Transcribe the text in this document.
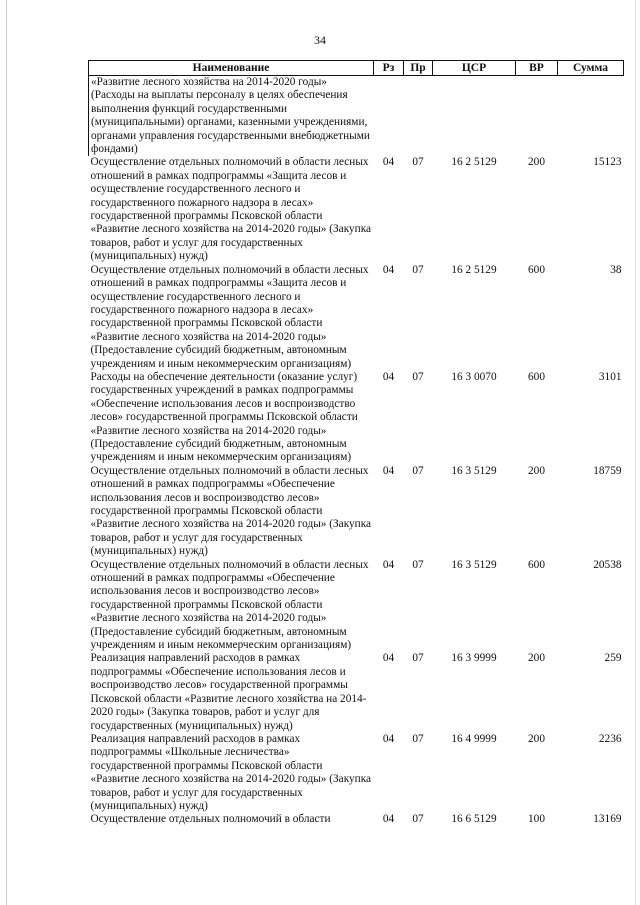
34
Наименование	Рз	Пр	ЦСР	ВР	Сумма
«Развитие лесного хозяйства на 2014-2020 годы» (Расходы на выплаты персоналу в целях обеспечения выполнения функций государственными (муниципальными) органами, казенными учреждениями, органами управления государственными внебюджетными фондами)					
Осуществление отдельных полномочий в области лесных отношений в рамках подпрограммы «Защита лесов и осуществление государственного лесного и государственного пожарного надзора в лесах» государственной программы Псковской области «Развитие лесного хозяйства на 2014-2020 годы» (Закупка товаров, работ и услуг для государственных (муниципальных) нужд)	04	07	16 2 5129	200	15123
Осуществление отдельных полномочий в области лесных отношений в рамках подпрограммы «Защита лесов и осуществление государственного лесного и государственного пожарного надзора в лесах» государственной программы Псковской области «Развитие лесного хозяйства на 2014-2020 годы» (Предоставление субсидий бюджетным, автономным учреждениям и иным некоммерческим организациям)	04	07	16 2 5129	600	38
Расходы на обеспечение деятельности (оказание услуг) государственных учреждений в рамках подпрограммы «Обеспечение использования лесов и воспроизводство лесов» государственной программы Псковской области «Развитие лесного хозяйства на 2014-2020 годы» (Предоставление субсидий бюджетным, автономным учреждениям и иным некоммерческим организациям)	04	07	16 3 0070	600	3101
Осуществление отдельных полномочий в области лесных отношений в рамках подпрограммы «Обеспечение использования лесов и воспроизводство лесов» государственной программы Псковской области «Развитие лесного хозяйства на 2014-2020 годы» (Закупка товаров, работ и услуг для государственных (муниципальных) нужд)	04	07	16 3 5129	200	18759
Осуществление отдельных полномочий в области лесных отношений в рамках подпрограммы «Обеспечение использования лесов и воспроизводство лесов» государственной программы Псковской области «Развитие лесного хозяйства на 2014-2020 годы» (Предоставление субсидий бюджетным, автономным учреждениям и иным некоммерческим организациям)	04	07	16 3 5129	600	20538
Реализация направлений расходов в рамках подпрограммы «Обеспечение использования лесов и воспроизводство лесов» государственной программы Псковской области «Развитие лесного хозяйства на 2014-2020 годы» (Закупка товаров, работ и услуг для государственных (муниципальных) нужд)	04	07	16 3 9999	200	259
Реализация направлений расходов в рамках подпрограммы «Школьные лесничества» государственной программы Псковской области «Развитие лесного хозяйства на 2014-2020 годы» (Закупка товаров, работ и услуг для государственных (муниципальных) нужд)	04	07	16 4 9999	200	2236
Осуществление отдельных полномочий в области	04	07	16 6 5129	100	13169
